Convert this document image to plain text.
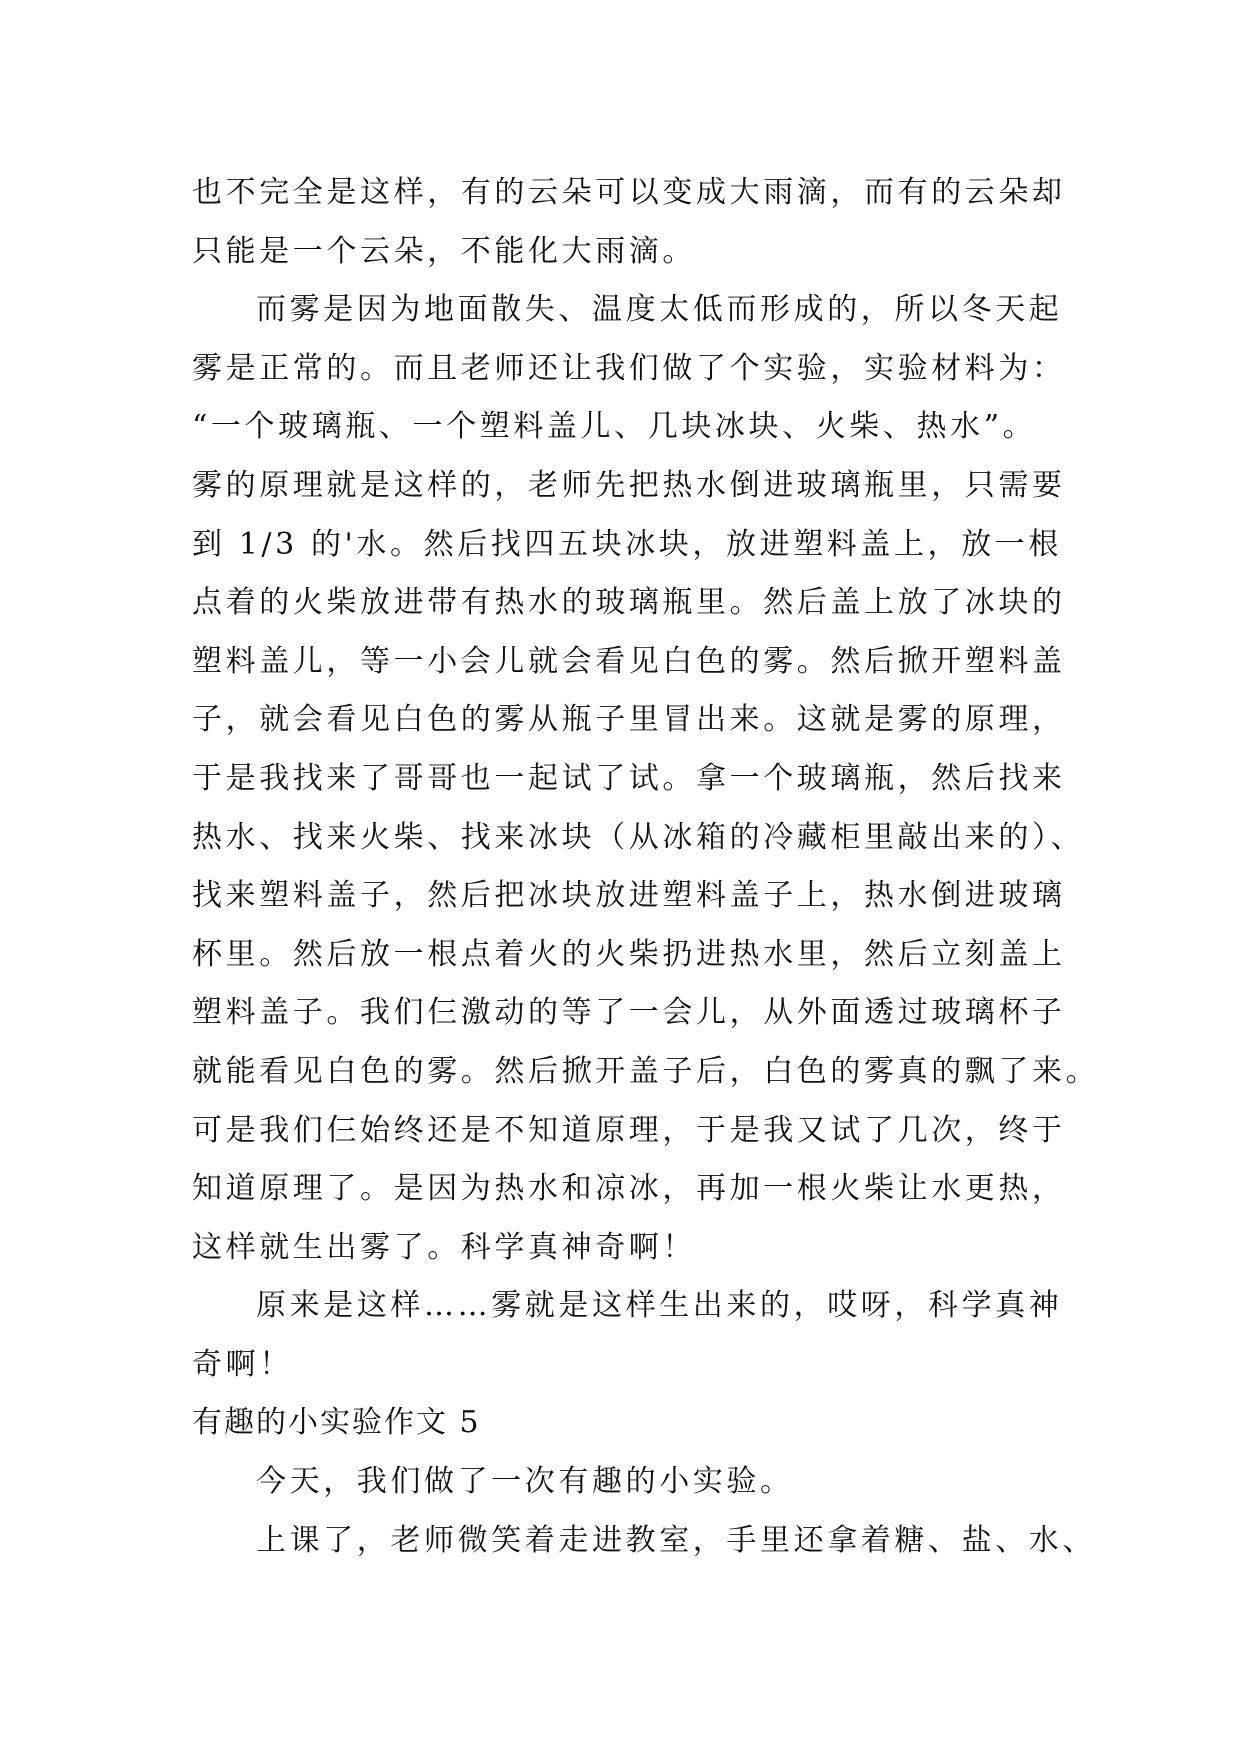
也不完全是这样，有的云朵可以变成大雨滴，而有的云朵却
只能是一个云朵，不能化大雨滴。
而雾是因为地面散失、温度太低而形成的，所以冬天起
雾是正常的。而且老师还让我们做了个实验，实验材料为：
“一个玻璃瓶、一个塑料盖儿、几块冰块、火柴、热水”。
雾的原理就是这样的，老师先把热水倒进玻璃瓶里，只需要
到 1/3 的'水。然后找四五块冰块，放进塑料盖上，放一根
点着的火柴放进带有热水的玻璃瓶里。然后盖上放了冰块的
塑料盖儿，等一小会儿就会看见白色的雾。然后掀开塑料盖
子，就会看见白色的雾从瓶子里冒出来。这就是雾的原理，
于是我找来了哥哥也一起试了试。拿一个玻璃瓶，然后找来
热水、找来火柴、找来冰块（从冰箱的冷藏柜里敲出来的）、
找来塑料盖子，然后把冰块放进塑料盖子上，热水倒进玻璃
杯里。然后放一根点着火的火柴扔进热水里，然后立刻盖上
塑料盖子。我们仨激动的等了一会儿，从外面透过玻璃杯子
就能看见白色的雾。然后掀开盖子后，白色的雾真的飘了来。
可是我们仨始终还是不知道原理，于是我又试了几次，终于
知道原理了。是因为热水和凉冰，再加一根火柴让水更热，
这样就生出雾了。科学真神奇啊！
原来是这样……雾就是这样生出来的，哎呀，科学真神
奇啊！
有趣的小实验作文 5
今天，我们做了一次有趣的小实验。
上课了，老师微笑着走进教室，手里还拿着糖、盐、水、
